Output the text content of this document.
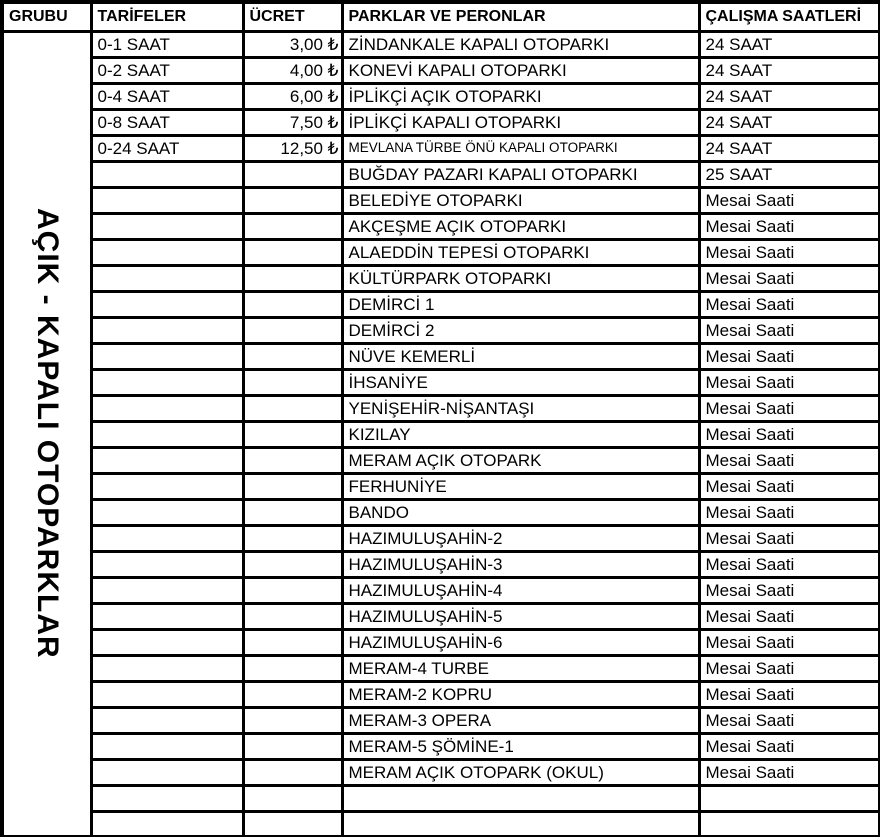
GRUBU	TARİFELER	ÜCRET	PARKLAR VE PERONLAR	ÇALIŞMA SAATLERİ

AÇIK - KAPALI OTOPARKLAR	0-1 SAAT	3,00 ₺	ZİNDANKALE KAPALI OTOPARKI	24 SAAT
	0-2 SAAT	4,00 ₺	KONEVİ KAPALI OTOPARKI	24 SAAT
	0-4 SAAT	6,00 ₺	İPLİKÇİ AÇIK OTOPARKI	24 SAAT
	0-8 SAAT	7,50 ₺	İPLİKÇİ KAPALI OTOPARKI	24 SAAT
	0-24 SAAT	12,50 ₺	MEVLANA TÜRBE ÖNÜ KAPALI OTOPARKI	24 SAAT
			BUĞDAY PAZARI KAPALI OTOPARKI	25 SAAT
			BELEDİYE OTOPARKI	Mesai Saati
			AKÇEŞME AÇIK OTOPARKI	Mesai Saati
			ALAEDDİN TEPESİ OTOPARKI	Mesai Saati
			KÜLTÜRPARK OTOPARKI	Mesai Saati
			DEMİRCİ 1	Mesai Saati
			DEMİRCİ 2	Mesai Saati
			NÜVE KEMERLİ	Mesai Saati
			İHSANİYE	Mesai Saati
			YENİŞEHİR-NİŞANTAŞI	Mesai Saati
			KIZILAY	Mesai Saati
			MERAM AÇIK OTOPARK	Mesai Saati
			FERHUNİYE	Mesai Saati
			BANDO	Mesai Saati
			HAZIMULUŞAHİN-2	Mesai Saati
			HAZIMULUŞAHİN-3	Mesai Saati
			HAZIMULUŞAHİN-4	Mesai Saati
			HAZIMULUŞAHİN-5	Mesai Saati
			HAZIMULUŞAHİN-6	Mesai Saati
			MERAM-4 TURBE	Mesai Saati
			MERAM-2 KOPRU	Mesai Saati
			MERAM-3 OPERA	Mesai Saati
			MERAM-5 ŞÖMİNE-1	Mesai Saati
			MERAM AÇIK OTOPARK (OKUL)	Mesai Saati
